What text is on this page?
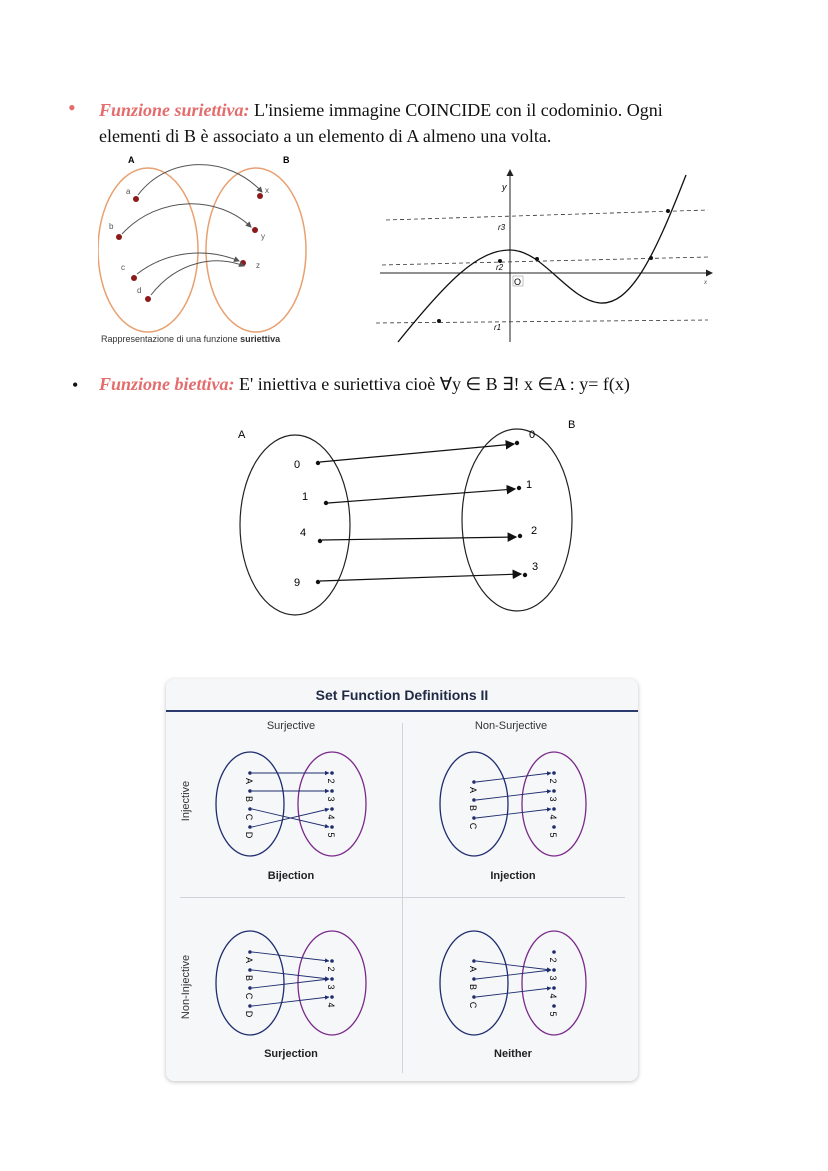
• Funzione suriettiva: L'insieme immagine COINCIDE con il codominio. Ogni
elementi di B è associato a un elemento di A almeno una volta.
A	B
a
b
c
d
x
y
z
Rappresentazione di una funzione suriettiva
y
x
O
r3
r2
r1
• Funzione biettiva: E' iniettiva e suriettiva cioè ∀y ∈ B ∃! x ∈A : y= f(x)
A
B
0
1
4
9
0
1
2
3
Set Function Definitions II
Surjective	Non-Surjective
Injective
Non-Injective
Bijection	Injection
Surjection	Neither
A
B
C
D
2
3
4
5
A
B
C
2
3
4
5
A
B
C
D
2
3
4
A
B
C
2
3
4
5
